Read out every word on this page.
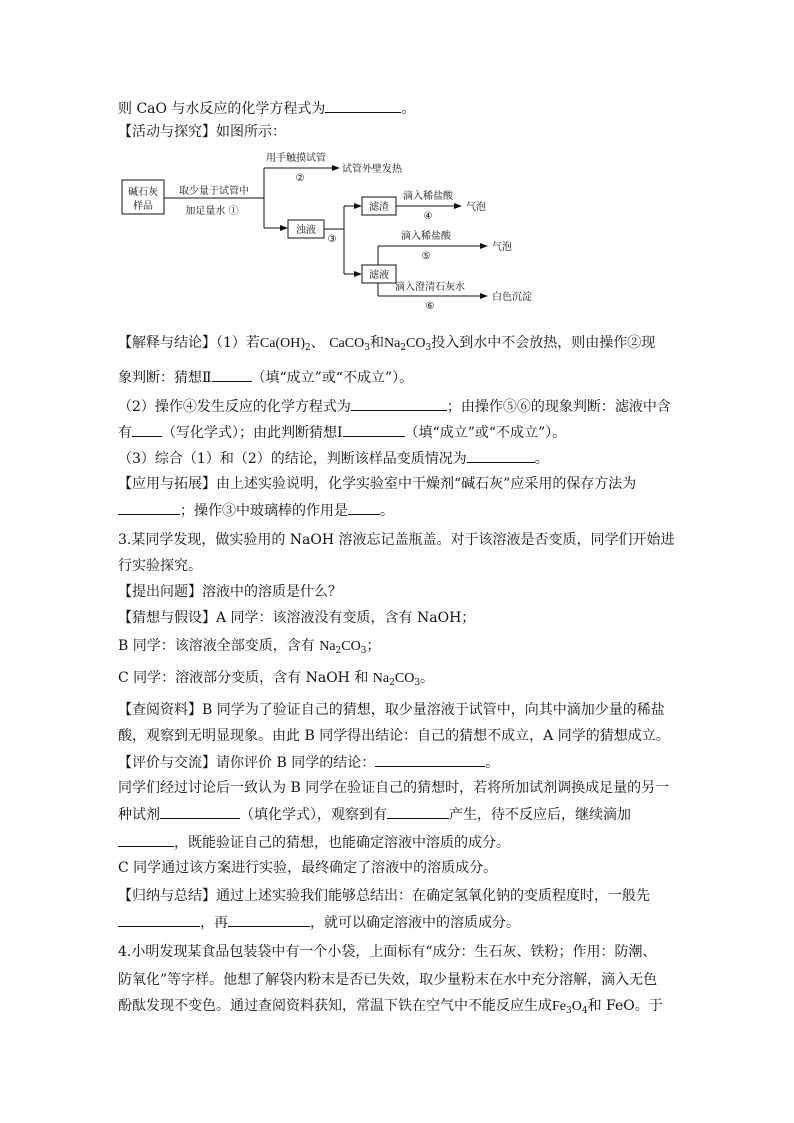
则 CaO 与水反应的化学方程式为	。
【活动与探究】如图所示：
碱石灰
样品
取少量于试管中
加足量水 ①
用手触摸试管
②
试管外壁发热
浊液
③
滤渣
滴入稀盐酸
④
气泡
滤液
滴入稀盐酸
⑤
气泡
滴入澄清石灰水
⑥
白色沉淀
【解释与结论】（1）若$Ca(OH)_2$、 CaCO$_3$和$Na_2CO_3$投入到水中不会放热，则由操作②现
象判断：猜想Ⅱ	（填“成立”或“不成立”）。
（2）操作④发生反应的化学方程式为	；由操作⑤⑥的现象判断：滤液中含
有 （写化学式）；由此判断猜想Ⅰ	（填“成立”或“不成立”）。
（3）综合（1）和（2）的结论，判断该样品变质情况为	。
【应用与拓展】由上述实验说明，化学实验室中干燥剂“碱石灰”应采用的保存方法为
；操作③中玻璃棒的作用是 。
3.某同学发现，做实验用的 NaOH 溶液忘记盖瓶盖。对于该溶液是否变质，同学们开始进
行实验探究。
【提出问题】溶液中的溶质是什么？
【猜想与假设】A 同学：该溶液没有变质，含有 NaOH；
B 同学：该溶液全部变质，含有 $Na_2CO_3$；
C 同学：溶液部分变质，含有 NaOH 和 $Na_2CO_3$。
【查阅资料】B 同学为了验证自己的猜想，取少量溶液于试管中，向其中滴加少量的稀盐
酸，观察到无明显现象。由此 B 同学得出结论：自己的猜想不成立，A 同学的猜想成立。
【评价与交流】请你评价 B 同学的结论：	。
同学们经过讨论后一致认为 B 同学在验证自己的猜想时，若将所加试剂调换成足量的另一
种试剂	（填化学式），观察到有	产生，待不反应后，继续滴加
，既能验证自己的猜想，也能确定溶液中溶质的成分。
C 同学通过该方案进行实验，最终确定了溶液中的溶质成分。
【归纳与总结】通过上述实验我们能够总结出：在确定氢氧化钠的变质程度时，一般先
，再	，就可以确定溶液中的溶质成分。
4.小明发现某食品包装袋中有一个小袋，上面标有“成分：生石灰、铁粉；作用：防潮、
防氧化”等字样。他想了解袋内粉末是否已失效，取少量粉末在水中充分溶解，滴入无色
酚酞发现不变色。通过查阅资料获知，常温下铁在空气中不能反应生成$Fe_3O_4$和 FeO。于
